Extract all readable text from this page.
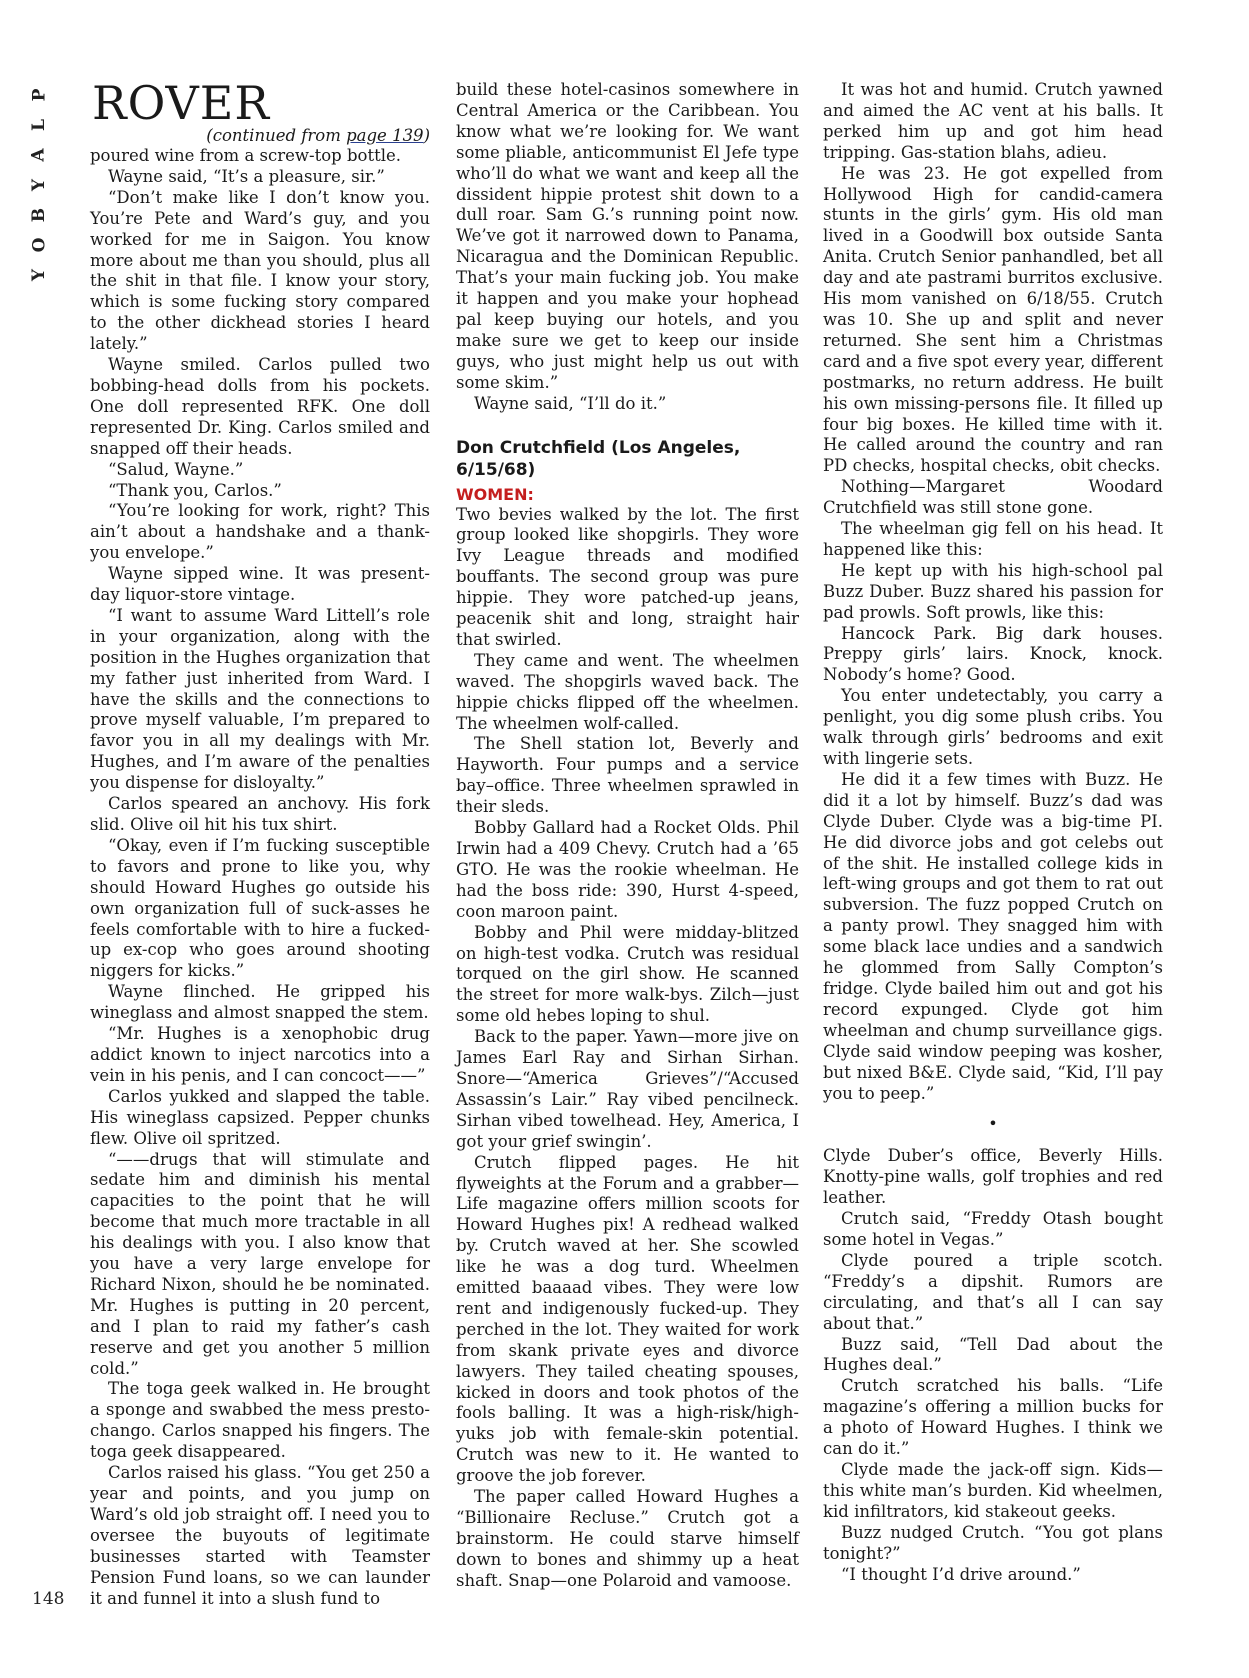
P
L
A
Y
B
O
Y
148
ROVER
(continued from page 139)

poured wine from a screw-top bottle.

Wayne said, “It’s a pleasure, sir.”

“Don’t make like I don’t know you. You’re Pete and Ward’s guy, and you worked for me in Saigon. You know more about me than you should, plus all the shit in that file. I know your story, which is some fucking story compared to the other dickhead stories I heard lately.”

Wayne smiled. Carlos pulled two bobbing-head dolls from his pockets. One doll represented RFK. One doll represented Dr. King. Carlos smiled and snapped off their heads.

“Salud, Wayne.”

“Thank you, Carlos.”

“You’re looking for work, right? This ain’t about a handshake and a thank-you envelope.”

Wayne sipped wine. It was present-day liquor-store vintage.

“I want to assume Ward Littell’s role in your organization, along with the position in the Hughes organization that my father just inherited from Ward. I have the skills and the connections to prove myself valuable, I’m prepared to favor you in all my dealings with Mr. Hughes, and I’m aware of the penalties you dispense for disloyalty.”

Carlos speared an anchovy. His fork slid. Olive oil hit his tux shirt.

“Okay, even if I’m fucking susceptible to favors and prone to like you, why should Howard Hughes go outside his own organization full of suck-asses he feels comfortable with to hire a fucked-up ex-cop who goes around shooting niggers for kicks.”

Wayne flinched. He gripped his wineglass and almost snapped the stem.

“Mr. Hughes is a xenophobic drug addict known to inject narcotics into a vein in his penis, and I can concoct——”

Carlos yukked and slapped the table. His wineglass capsized. Pepper chunks flew. Olive oil spritzed.

“——drugs that will stimulate and sedate him and diminish his mental capacities to the point that he will become that much more tractable in all his dealings with you. I also know that you have a very large envelope for Richard Nixon, should he be nominated. Mr. Hughes is putting in 20 percent, and I plan to raid my father’s cash reserve and get you another 5 million cold.”

The toga geek walked in. He brought a sponge and swabbed the mess presto-chango. Carlos snapped his fingers. The toga geek disappeared.

Carlos raised his glass. “You get 250 a year and points, and you jump on Ward’s old job straight off. I need you to oversee the buyouts of legitimate businesses started with Teamster Pension Fund loans, so we can launder it and funnel it into a slush fund to

build these hotel-casinos somewhere in Central America or the Caribbean. You know what we’re looking for. We want some pliable, anticommunist El Jefe type who’ll do what we want and keep all the dissident hippie protest shit down to a dull roar. Sam G.’s running point now. We’ve got it narrowed down to Panama, Nicaragua and the Dominican Republic. That’s your main fucking job. You make it happen and you make your hophead pal keep buying our hotels, and you make sure we get to keep our inside guys, who just might help us out with some skim.”

Wayne said, “I’ll do it.”

Don Crutchfield (Los Angeles, 6/15/68)
WOMEN:

Two bevies walked by the lot. The first group looked like shopgirls. They wore Ivy League threads and modified bouffants. The second group was pure hippie. They wore patched-up jeans, peacenik shit and long, straight hair that swirled.

They came and went. The wheelmen waved. The shopgirls waved back. The hippie chicks flipped off the wheelmen. The wheelmen wolf-called.

The Shell station lot, Beverly and Hayworth. Four pumps and a service bay–office. Three wheelmen sprawled in their sleds.

Bobby Gallard had a Rocket Olds. Phil Irwin had a 409 Chevy. Crutch had a ’65 GTO. He was the rookie wheelman. He had the boss ride: 390, Hurst 4-speed, coon maroon paint.

Bobby and Phil were midday-blitzed on high-test vodka. Crutch was residual torqued on the girl show. He scanned the street for more walk-bys. Zilch—just some old hebes loping to shul.

Back to the paper. Yawn—more jive on James Earl Ray and Sirhan Sirhan. Snore—“America Grieves”/“Accused Assassin’s Lair.” Ray vibed pencilneck. Sirhan vibed towelhead. Hey, America, I got your grief swingin’.

Crutch flipped pages. He hit flyweights at the Forum and a grabber—Life magazine offers million scoots for Howard Hughes pix! A redhead walked by. Crutch waved at her. She scowled like he was a dog turd. Wheelmen emitted baaaad vibes. They were low rent and indigenously fucked-up. They perched in the lot. They waited for work from skank private eyes and divorce lawyers. They tailed cheating spouses, kicked in doors and took photos of the fools balling. It was a high-risk/high-yuks job with female-skin potential. Crutch was new to it. He wanted to groove the job forever.

The paper called Howard Hughes a “Billionaire Recluse.” Crutch got a brainstorm. He could starve himself down to bones and shimmy up a heat shaft. Snap—one Polaroid and vamoose.

It was hot and humid. Crutch yawned and aimed the AC vent at his balls. It perked him up and got him head tripping. Gas-station blahs, adieu.

He was 23. He got expelled from Hollywood High for candid-camera stunts in the girls’ gym. His old man lived in a Goodwill box outside Santa Anita. Crutch Senior panhandled, bet all day and ate pastrami burritos exclusive. His mom vanished on 6/18/55. Crutch was 10. She up and split and never returned. She sent him a Christmas card and a five spot every year, different postmarks, no return address. He built his own missing-persons file. It filled up four big boxes. He killed time with it. He called around the country and ran PD checks, hospital checks, obit checks.

Nothing—Margaret Woodard Crutchfield was still stone gone.

The wheelman gig fell on his head. It happened like this:

He kept up with his high-school pal Buzz Duber. Buzz shared his passion for pad prowls. Soft prowls, like this:

Hancock Park. Big dark houses. Preppy girls’ lairs. Knock, knock. Nobody’s home? Good.

You enter undetectably, you carry a penlight, you dig some plush cribs. You walk through girls’ bedrooms and exit with lingerie sets.

He did it a few times with Buzz. He did it a lot by himself. Buzz’s dad was Clyde Duber. Clyde was a big-time PI. He did divorce jobs and got celebs out of the shit. He installed college kids in left-wing groups and got them to rat out subversion. The fuzz popped Crutch on a panty prowl. They snagged him with some black lace undies and a sandwich he glommed from Sally Compton’s fridge. Clyde bailed him out and got his record expunged. Clyde got him wheelman and chump surveillance gigs. Clyde said window peeping was kosher, but nixed B&E. Clyde said, “Kid, I’ll pay you to peep.”

•

Clyde Duber’s office, Beverly Hills. Knotty-pine walls, golf trophies and red leather.

Crutch said, “Freddy Otash bought some hotel in Vegas.”

Clyde poured a triple scotch. “Freddy’s a dipshit. Rumors are circulating, and that’s all I can say about that.”

Buzz said, “Tell Dad about the Hughes deal.”

Crutch scratched his balls. “Life magazine’s offering a million bucks for a photo of Howard Hughes. I think we can do it.”

Clyde made the jack-off sign. Kids—this white man’s burden. Kid wheelmen, kid infiltrators, kid stakeout geeks.

Buzz nudged Crutch. “You got plans tonight?”

“I thought I’d drive around.”
